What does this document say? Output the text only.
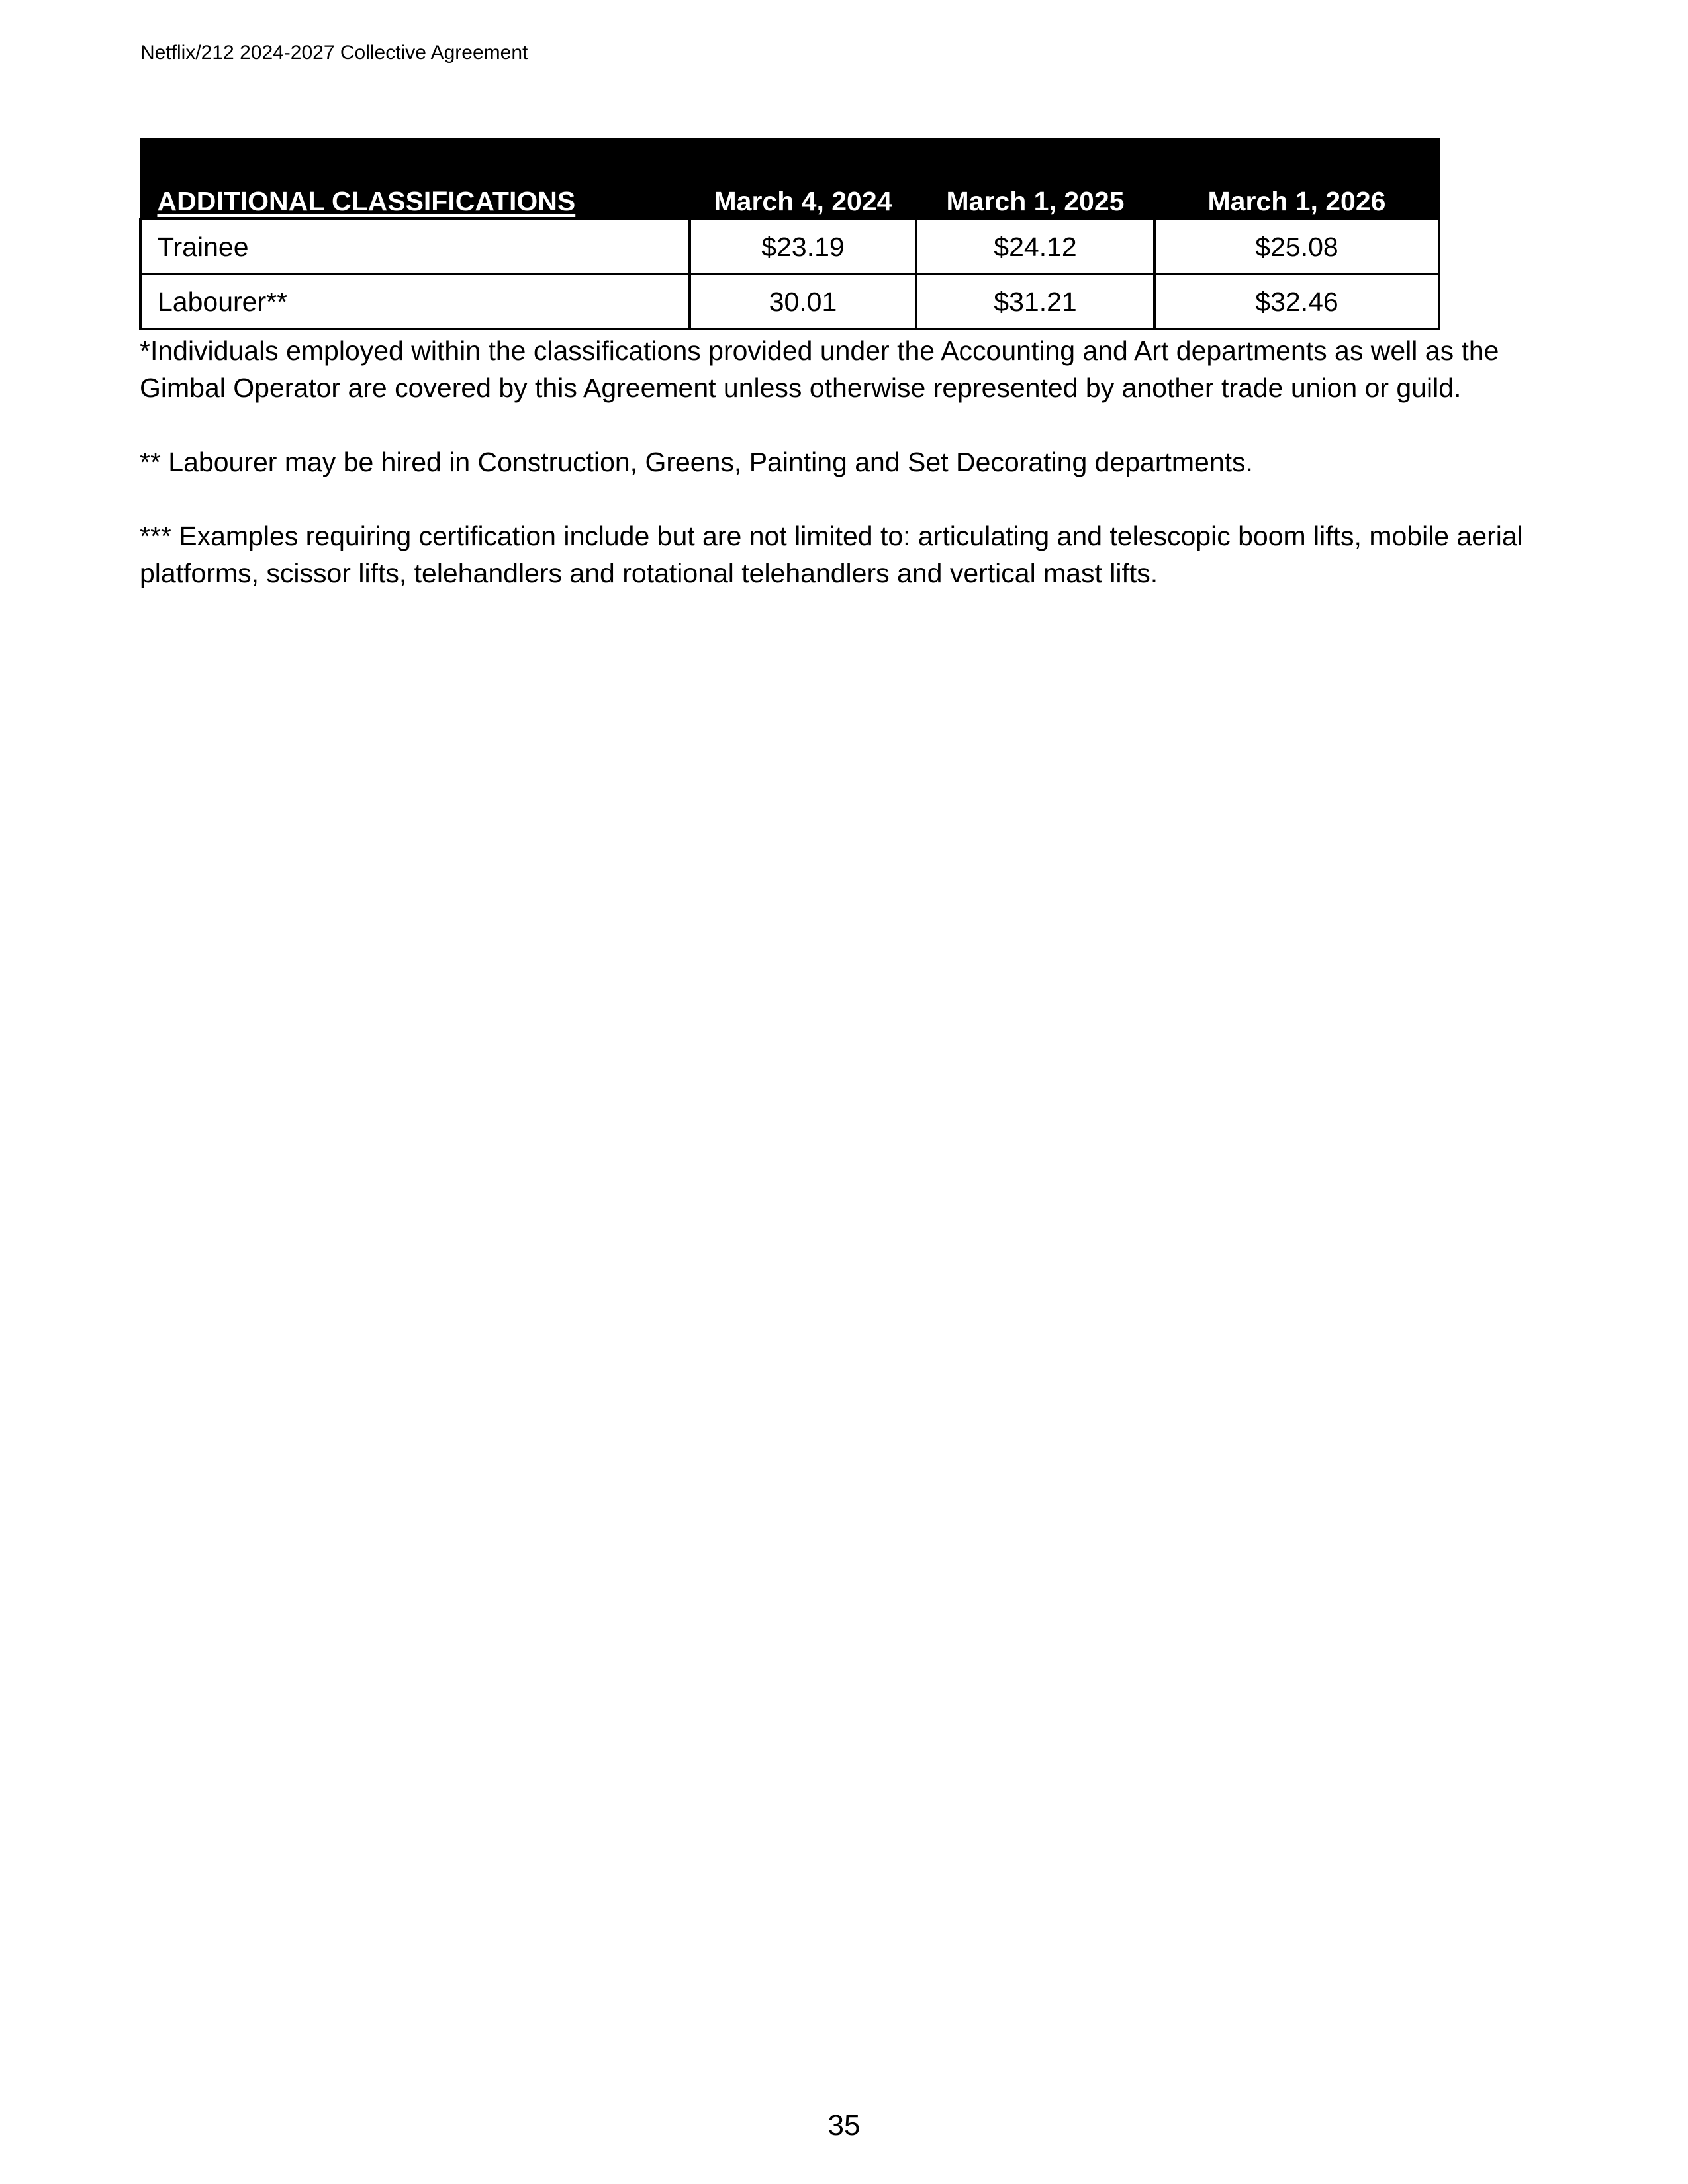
Netflix/212 2024-2027 Collective Agreement
ADDITIONAL CLASSIFICATIONS	March 4, 2024	March 1, 2025	March 1, 2026
Trainee	$23.19	$24.12	$25.08
Labourer**	30.01	$31.21	$32.46

*Individuals employed within the classifications provided under the Accounting and Art departments as well as the Gimbal Operator are covered by this Agreement unless otherwise represented by another trade union or guild.

** Labourer may be hired in Construction, Greens, Painting and Set Decorating departments.

*** Examples requiring certification include but are not limited to: articulating and telescopic boom lifts, mobile aerial platforms, scissor lifts, telehandlers and rotational telehandlers and vertical mast lifts.

35
